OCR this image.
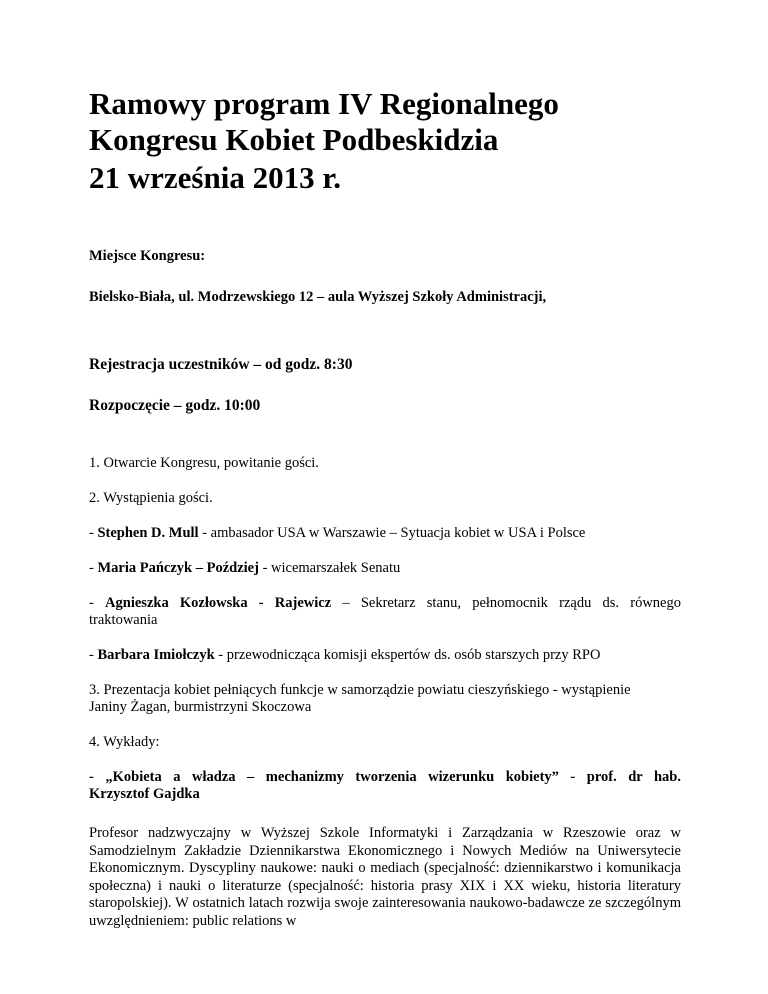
Ramowy program IV Regionalnego
Kongresu Kobiet Podbeskidzia
21 września 2013 r.

Miejsce Kongresu:

Bielsko-Biała, ul. Modrzewskiego 12 – aula Wyższej Szkoły Administracji,

Rejestracja uczestników – od godz. 8:30

Rozpoczęcie – godz. 10:00

1. Otwarcie Kongresu, powitanie gości.

2. Wystąpienia gości.

- Stephen D. Mull - ambasador USA w Warszawie – Sytuacja kobiet w USA i Polsce

- Maria Pańczyk – Poździej - wicemarszałek Senatu

- Agnieszka Kozłowska - Rajewicz – Sekretarz stanu, pełnomocnik rządu ds. równego

traktowania

- Barbara Imiołczyk - przewodnicząca komisji ekspertów ds. osób starszych przy RPO

3. Prezentacja kobiet pełniących funkcje w samorządzie powiatu cieszyńskiego - wystąpienie

Janiny Żagan, burmistrzyni Skoczowa

4. Wykłady:

- „Kobieta a władza – mechanizmy tworzenia wizerunku kobiety” - prof. dr hab.

Krzysztof Gajdka

Profesor nadzwyczajny w Wyższej Szkole Informatyki i Zarządzania w Rzeszowie oraz w Samodzielnym Zakładzie Dziennikarstwa Ekonomicznego i Nowych Mediów na Uniwersytecie Ekonomicznym. Dyscypliny naukowe: nauki o mediach (specjalność: dziennikarstwo i komunikacja społeczna) i nauki o literaturze (specjalność: historia prasy XIX i XX wieku, historia literatury staropolskiej). W ostatnich latach rozwija swoje zainteresowania naukowo-badawcze ze szczególnym uwzględnieniem: public relations w
